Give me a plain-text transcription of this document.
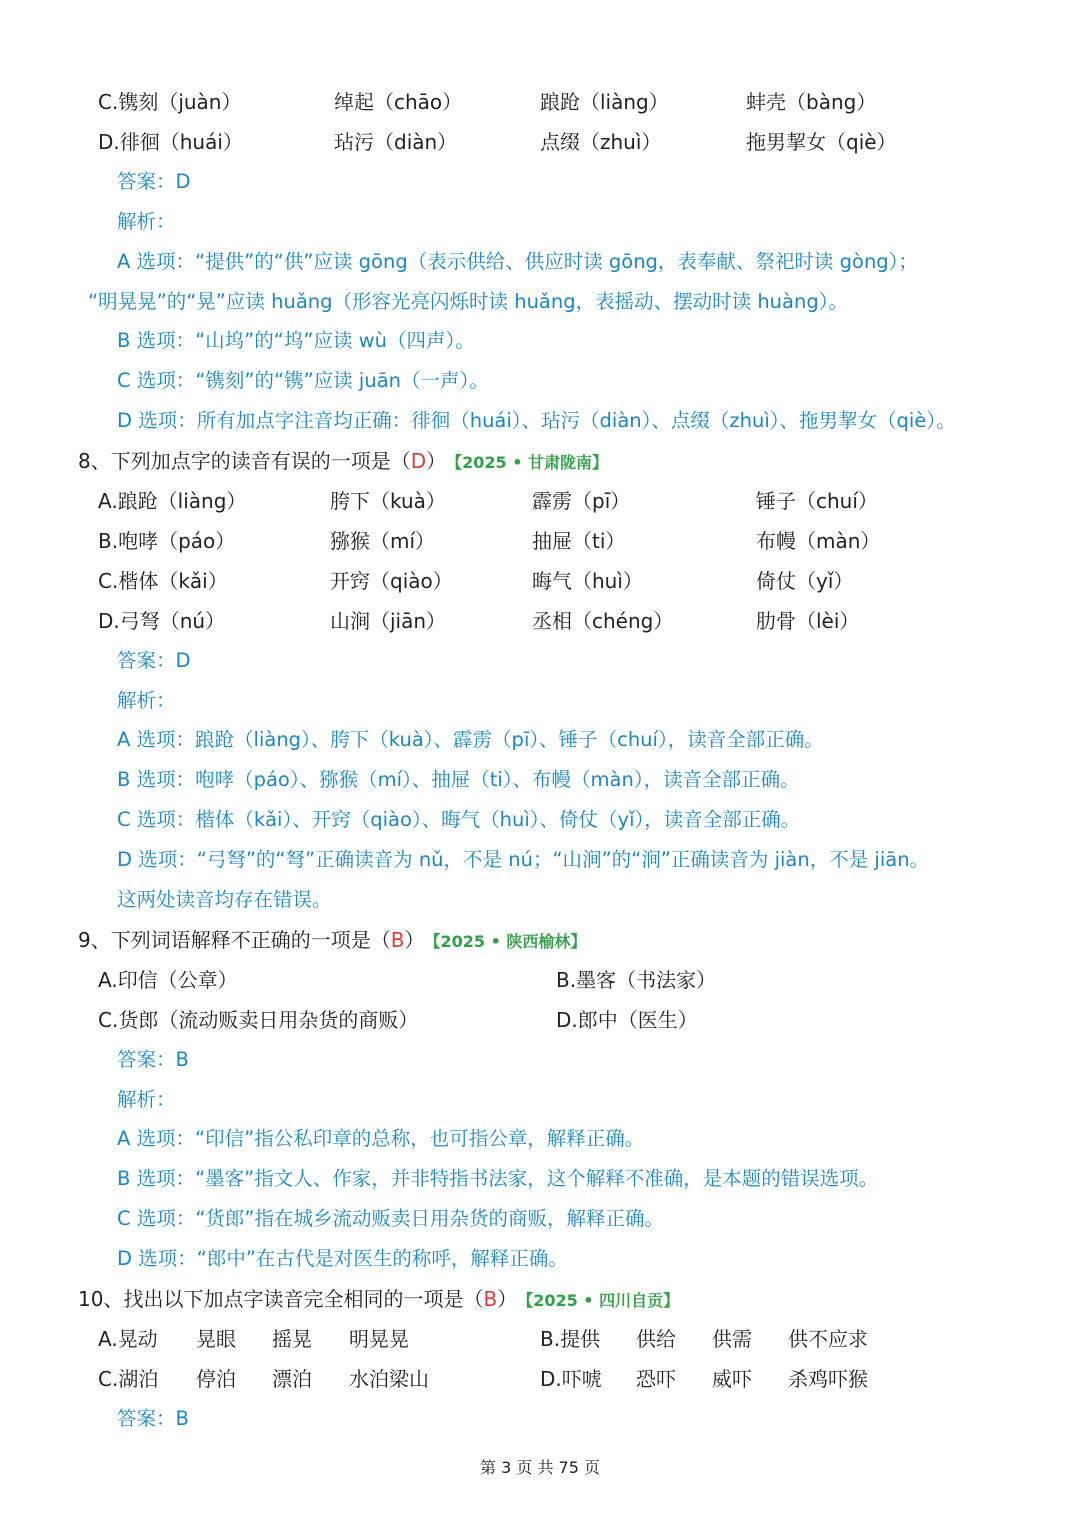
C.镌刻（juàn）	绰起（chāo）	踉跄（liàng）	蚌壳（bàng）
D.徘徊（huái）	玷污（diàn）	点缀（zhuì）	拖男挈女（qiè）
答案：D
解析：
A 选项：“提供”的“供”应读 gōng（表示供给、供应时读 gōng，表奉献、祭祀时读 gòng）；
“明晃晃”的“晃”应读 huǎng（形容光亮闪烁时读 huǎng，表摇动、摆动时读 huàng）。
B 选项：“山坞”的“坞”应读 wù（四声）。
C 选项：“镌刻”的“镌”应读 juān（一声）。
D 选项：所有加点字注音均正确：徘徊（huái）、玷污（diàn）、点缀（zhuì）、拖男挈女（qiè）。
8、下列加点字的读音有误的一项是（D） 【2025 • 甘肃陇南】
A.踉跄（liàng）	胯下（kuà）	霹雳（pī）	锤子（chuí）
B.咆哮（páo）	猕猴（mí）	抽屉（ti）	布幔（màn）
C.楷体（kǎi）	开窍（qiào）	晦气（huì）	倚仗（yǐ）
D.弓弩（nú）	山涧（jiān）	丞相（chéng）	肋骨（lèi）
答案：D
解析：
A 选项：踉跄（liàng）、胯下（kuà）、霹雳（pī）、锤子（chuí），读音全部正确。
B 选项：咆哮（páo）、猕猴（mí）、抽屉（ti）、布幔（màn），读音全部正确。
C 选项：楷体（kǎi）、开窍（qiào）、晦气（huì）、倚仗（yǐ），读音全部正确。
D 选项：“弓弩”的“弩”正确读音为 nǔ，不是 nú；“山涧”的“涧”正确读音为 jiàn，不是 jiān。
这两处读音均存在错误。
9、下列词语解释不正确的一项是（B） 【2025 • 陕西榆林】
A.印信（公章）	B.墨客（书法家）
C.货郎（流动贩卖日用杂货的商贩）	D.郎中（医生）
答案：B
解析：
A 选项：“印信”指公私印章的总称，也可指公章，解释正确。
B 选项：“墨客”指文人、作家，并非特指书法家，这个解释不准确，是本题的错误选项。
C 选项：“货郎”指在城乡流动贩卖日用杂货的商贩，解释正确。
D 选项：“郎中”在古代是对医生的称呼，解释正确。
10、找出以下加点字读音完全相同的一项是（B） 【2025 • 四川自贡】
A.晃动 晃眼 摇晃 明晃晃	B.提供 供给 供需 供不应求
C.湖泊 停泊 漂泊 水泊梁山	D.吓唬 恐吓 威吓 杀鸡吓猴
答案：B
第 3 页 共 75 页
